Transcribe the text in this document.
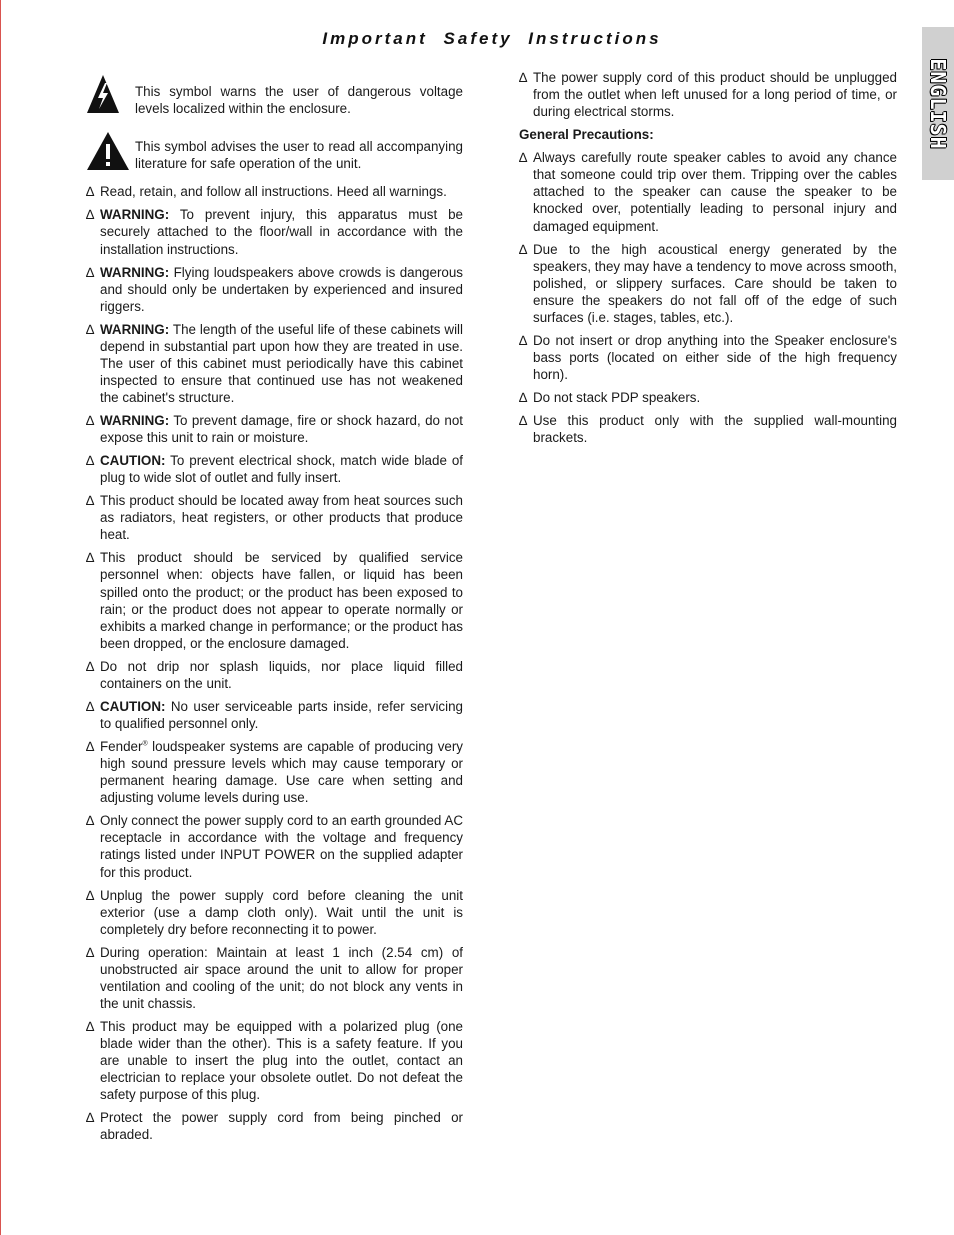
Important Safety Instructions
ENGLISH
This symbol warns the user of dangerous voltage levels localized within the enclosure.
This symbol advises the user to read all accompanying literature for safe operation of the unit.
∆ Read, retain, and follow all instructions. Heed all warnings.
∆ WARNING: To prevent injury, this apparatus must be securely attached to the floor/wall in accordance with the installation instructions.
∆ WARNING: Flying loudspeakers above crowds is dangerous and should only be undertaken by experienced and insured riggers.
∆ WARNING: The length of the useful life of these cabinets will depend in substantial part upon how they are treated in use. The user of this cabinet must periodically have this cabinet inspected to ensure that continued use has not weakened the cabinet's structure.
∆ WARNING: To prevent damage, fire or shock hazard, do not expose this unit to rain or moisture.
∆ CAUTION: To prevent electrical shock, match wide blade of plug to wide slot of outlet and fully insert.
∆ This product should be located away from heat sources such as radiators, heat registers, or other products that produce heat.
∆ This product should be serviced by qualified service personnel when: objects have fallen, or liquid has been spilled onto the product; or the product has been exposed to rain; or the product does not appear to operate normally or exhibits a marked change in performance; or the product has been dropped, or the enclosure damaged.
∆ Do not drip nor splash liquids, nor place liquid filled containers on the unit.
∆ CAUTION: No user serviceable parts inside, refer servicing to qualified personnel only.
∆ Fender® loudspeaker systems are capable of producing very high sound pressure levels which may cause temporary or permanent hearing damage. Use care when setting and adjusting volume levels during use.
∆ Only connect the power supply cord to an earth grounded AC receptacle in accordance with the voltage and frequency ratings listed under INPUT POWER on the supplied adapter for this product.
∆ Unplug the power supply cord before cleaning the unit exterior (use a damp cloth only). Wait until the unit is completely dry before reconnecting it to power.
∆ During operation: Maintain at least 1 inch (2.54 cm) of unobstructed air space around the unit to allow for proper ventilation and cooling of the unit; do not block any vents in the unit chassis.
∆ This product may be equipped with a polarized plug (one blade wider than the other). This is a safety feature. If you are unable to insert the plug into the outlet, contact an electrician to replace your obsolete outlet. Do not defeat the safety purpose of this plug.
∆ Protect the power supply cord from being pinched or abraded.
∆ The power supply cord of this product should be unplugged from the outlet when left unused for a long period of time, or during electrical storms.
General Precautions:
∆ Always carefully route speaker cables to avoid any chance that someone could trip over them. Tripping over the cables attached to the speaker can cause the speaker to be knocked over, potentially leading to personal injury and damaged equipment.
∆ Due to the high acoustical energy generated by the speakers, they may have a tendency to move across smooth, polished, or slippery surfaces. Care should be taken to ensure the speakers do not fall off of the edge of such surfaces (i.e. stages, tables, etc.).
∆ Do not insert or drop anything into the Speaker enclosure's bass ports (located on either side of the high frequency horn).
∆ Do not stack PDP speakers.
∆ Use this product only with the supplied wall-mounting brackets.
